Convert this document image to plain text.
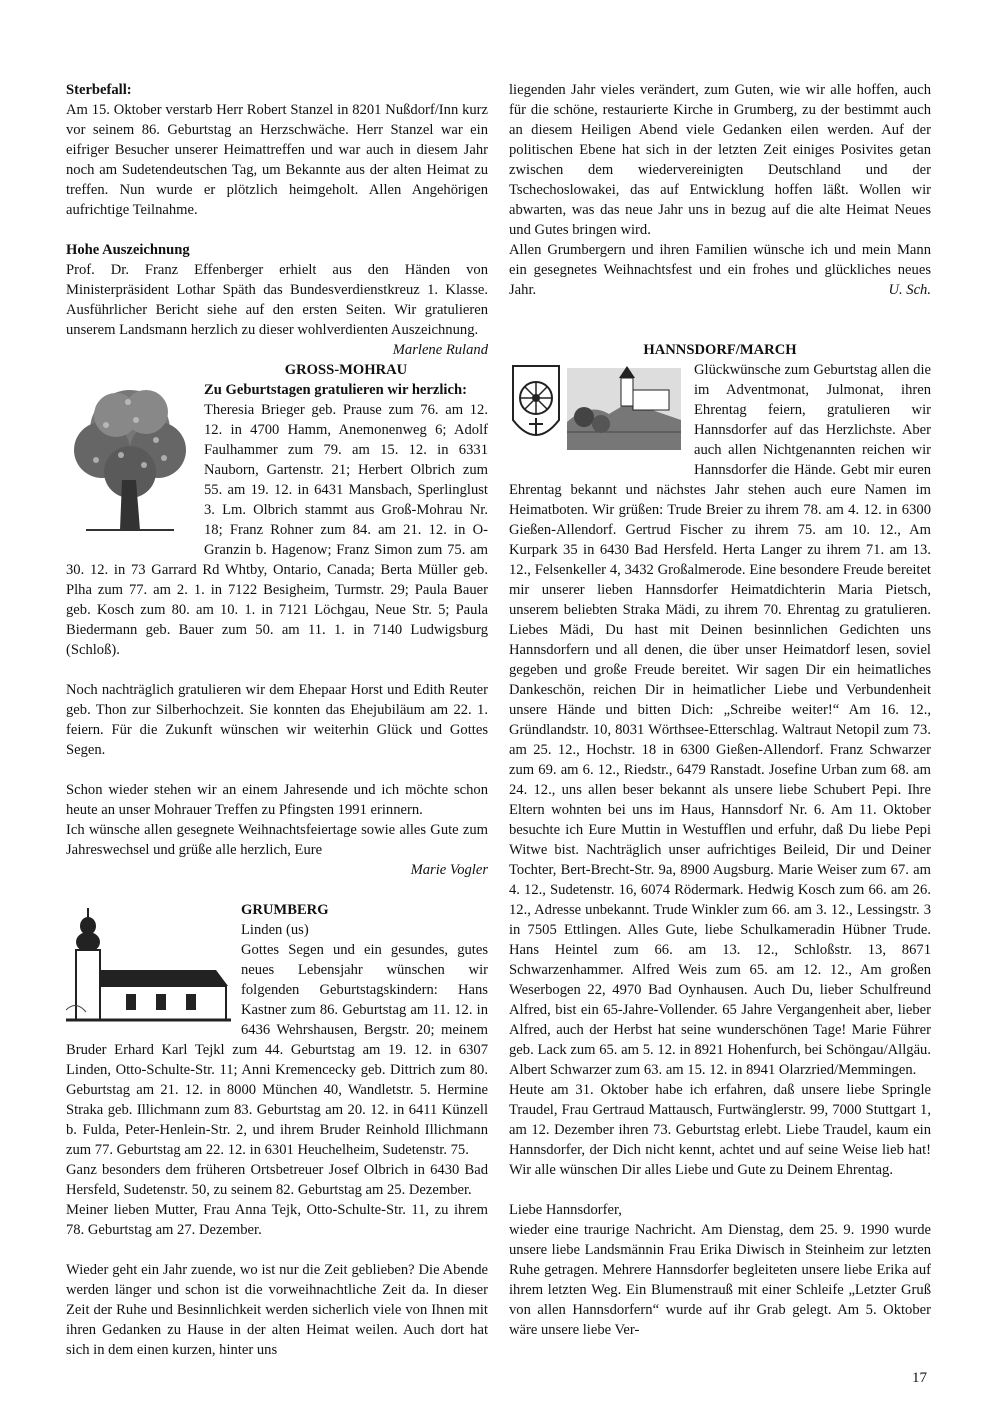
Sterbefall:

Am 15. Oktober verstarb Herr Robert Stanzel in 8201 Nußdorf/Inn kurz vor seinem 86. Geburtstag an Herzschwäche. Herr Stanzel war ein eifriger Besucher unserer Heimattreffen und war auch in diesem Jahr noch am Sudetendeutschen Tag, um Bekannte aus der alten Heimat zu treffen. Nun wurde er plötzlich heimgeholt. Allen Angehörigen aufrichtige Teilnahme.

Hohe Auszeichnung

Prof. Dr. Franz Effenberger erhielt aus den Händen von Ministerpräsident Lothar Späth das Bundesverdienstkreuz 1. Klasse. Ausführlicher Bericht siehe auf den ersten Seiten. Wir gratulieren unserem Landsmann herzlich zu dieser wohlverdienten Auszeichnung.
Marlene Ruland

GROSS-MOHRAU

Zu Geburtstagen gratulieren wir herzlich:

Theresia Brieger geb. Prause zum 76. am 12. 12. in 4700 Hamm, Anemonenweg 6; Adolf Faulhammer zum 79. am 15. 12. in 6331 Nauborn, Gartenstr. 21; Herbert Olbrich zum 55. am 19. 12. in 6431 Mansbach, Sperlinglust 3. Lm. Olbrich stammt aus Groß-Mohrau Nr. 18; Franz Rohner zum 84. am 21. 12. in O-Granzin b. Hagenow; Franz Simon zum 75. am 30. 12. in 73 Garrard Rd Whtby, Ontario, Canada; Berta Müller geb. Plha zum 77. am 2. 1. in 7122 Besigheim, Turmstr. 29; Paula Bauer geb. Kosch zum 80. am 10. 1. in 7121 Löchgau, Neue Str. 5; Paula Biedermann geb. Bauer zum 50. am 11. 1. in 7140 Ludwigsburg (Schloß).

Noch nachträglich gratulieren wir dem Ehepaar Horst und Edith Reuter geb. Thon zur Silberhochzeit. Sie konnten das Ehejubiläum am 22. 1. feiern. Für die Zukunft wünschen wir weiterhin Glück und Gottes Segen.

Schon wieder stehen wir an einem Jahresende und ich möchte schon heute an unser Mohrauer Treffen zu Pfingsten 1991 erinnern.

Ich wünsche allen gesegnete Weihnachtsfeiertage sowie alles Gute zum Jahreswechsel und grüße alle herzlich, Eure

Marie Vogler

GRUMBERG

Linden (us)

Gottes Segen und ein gesundes, gutes neues Lebensjahr wünschen wir folgenden Geburtstagskindern: Hans Kastner zum 86. Geburtstag am 11. 12. in 6436 Wehrshausen, Bergstr. 20; meinem Bruder Erhard Karl Tejkl zum 44. Geburtstag am 19. 12. in 6307 Linden, Otto-Schulte-Str. 11; Anni Kremencecky geb. Dittrich zum 80. Geburtstag am 21. 12. in 8000 München 40, Wandletstr. 5. Hermine Straka geb. Illichmann zum 83. Geburtstag am 20. 12. in 6411 Künzell b. Fulda, Peter-Henlein-Str. 2, und ihrem Bruder Reinhold Illichmann zum 77. Geburtstag am 22. 12. in 6301 Heuchelheim, Sudetenstr. 75.

Ganz besonders dem früheren Ortsbetreuer Josef Olbrich in 6430 Bad Hersfeld, Sudetenstr. 50, zu seinem 82. Geburtstag am 25. Dezember.

Meiner lieben Mutter, Frau Anna Tejk, Otto-Schulte-Str. 11, zu ihrem 78. Geburtstag am 27. Dezember.

Wieder geht ein Jahr zuende, wo ist nur die Zeit geblieben? Die Abende werden länger und schon ist die vorweihnachtliche Zeit da. In dieser Zeit der Ruhe und Besinnlichkeit werden sicherlich viele von Ihnen mit ihren Gedanken zu Hause in der alten Heimat weilen. Auch dort hat sich in dem einen kurzen, hinter uns

liegenden Jahr vieles verändert, zum Guten, wie wir alle hoffen, auch für die schöne, restaurierte Kirche in Grumberg, zu der bestimmt auch an diesem Heiligen Abend viele Gedanken eilen werden. Auf der politischen Ebene hat sich in der letzten Zeit einiges Posivites getan zwischen dem wiedervereinigten Deutschland und der Tschechoslowakei, das auf Entwicklung hoffen läßt. Wollen wir abwarten, was das neue Jahr uns in bezug auf die alte Heimat Neues und Gutes bringen wird.

Allen Grumbergern und ihren Familien wünsche ich und mein Mann ein gesegnetes Weihnachtsfest und ein frohes und glückliches neues Jahr.	U. Sch.

HANNSDORF/MARCH

Glückwünsche zum Geburtstag allen die im Adventmonat, Julmonat, ihren Ehrentag feiern, gratulieren wir Hannsdorfer auf das Herzlichste. Aber auch allen Nichtgenannten reichen wir Hannsdorfer die Hände. Gebt mir euren Ehrentag bekannt und nächstes Jahr stehen auch eure Namen im Heimatboten. Wir grüßen: Trude Breier zu ihrem 78. am 4. 12. in 6300 Gießen-Allendorf. Gertrud Fischer zu ihrem 75. am 10. 12., Am Kurpark 35 in 6430 Bad Hersfeld. Herta Langer zu ihrem 71. am 13. 12., Felsenkeller 4, 3432 Großalmerode. Eine besondere Freude bereitet mir unserer lieben Hannsdorfer Heimatdichterin Maria Pietsch, unserem beliebten Straka Mädi, zu ihrem 70. Ehrentag zu gratulieren. Liebes Mädi, Du hast mit Deinen besinnlichen Gedichten uns Hannsdorfern und all denen, die über unser Heimatdorf lesen, soviel gegeben und große Freude bereitet. Wir sagen Dir ein heimatliches Dankeschön, reichen Dir in heimatlicher Liebe und Verbundenheit unsere Hände und bitten Dich: „Schreibe weiter!“ Am 16. 12., Gründlandstr. 10, 8031 Wörthsee-Etterschlag. Waltraut Netopil zum 73. am 25. 12., Hochstr. 18 in 6300 Gießen-Allendorf. Franz Schwarzer zum 69. am 6. 12., Riedstr., 6479 Ranstadt. Josefine Urban zum 68. am 24. 12., uns allen beser bekannt als unsere liebe Schubert Pepi. Ihre Eltern wohnten bei uns im Haus, Hannsdorf Nr. 6. Am 11. Oktober besuchte ich Eure Muttin in Westufflen und erfuhr, daß Du liebe Pepi Witwe bist. Nachträglich unser aufrichtiges Beileid, Dir und Deiner Tochter, Bert-Brecht-Str. 9a, 8900 Augsburg. Marie Weiser zum 67. am 4. 12., Sudetenstr. 16, 6074 Rödermark. Hedwig Kosch zum 66. am 26. 12., Adresse unbekannt. Trude Winkler zum 66. am 3. 12., Lessingstr. 3 in 7505 Ettlingen. Alles Gute, liebe Schulkameradin Hübner Trude. Hans Heintel zum 66. am 13. 12., Schloßstr. 13, 8671 Schwarzenhammer. Alfred Weis zum 65. am 12. 12., Am großen Weserbogen 22, 4970 Bad Oynhausen. Auch Du, lieber Schulfreund Alfred, bist ein 65-Jahre-Vollender. 65 Jahre Vergangenheit aber, lieber Alfred, auch der Herbst hat seine wunderschönen Tage! Marie Führer geb. Lack zum 65. am 5. 12. in 8921 Hohenfurch, bei Schöngau/Allgäu. Albert Schwarzer zum 63. am 15. 12. in 8941 Olarzried/Memmingen.

Heute am 31. Oktober habe ich erfahren, daß unsere liebe Springle Traudel, Frau Gertraud Mattausch, Furtwänglerstr. 99, 7000 Stuttgart 1, am 12. Dezember ihren 73. Geburtstag erlebt. Liebe Traudel, kaum ein Hannsdorfer, der Dich nicht kennt, achtet und auf seine Weise lieb hat! Wir alle wünschen Dir alles Liebe und Gute zu Deinem Ehrentag.

Liebe Hannsdorfer,

wieder eine traurige Nachricht. Am Dienstag, dem 25. 9. 1990 wurde unsere liebe Landsmännin Frau Erika Diwisch in Steinheim zur letzten Ruhe getragen. Mehrere Hannsdorfer begleiteten unsere liebe Erika auf ihrem letzten Weg. Ein Blumenstrauß mit einer Schleife „Letzter Gruß von allen Hannsdorfern“ wurde auf ihr Grab gelegt. Am 5. Oktober wäre unsere liebe Ver-

17
